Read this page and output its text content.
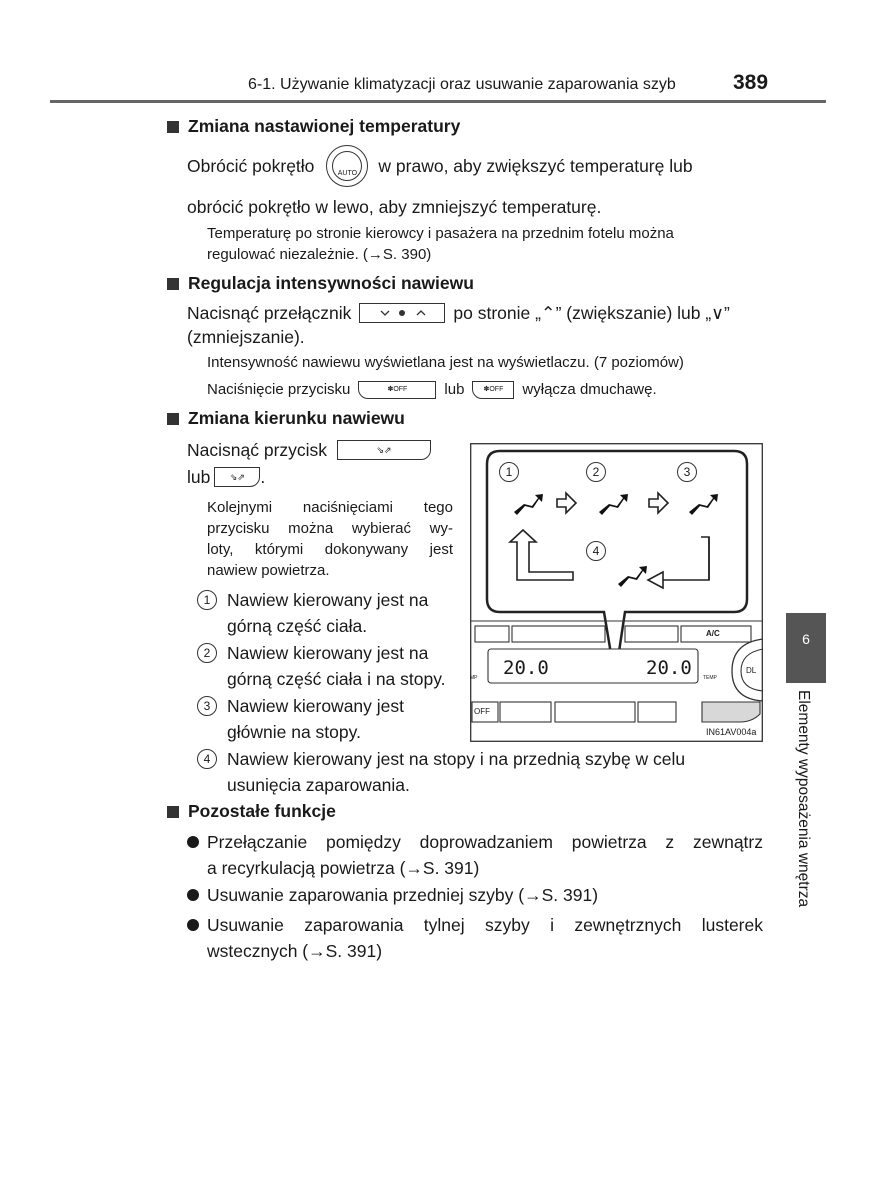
6-1. Używanie klimatyzacji oraz usuwanie zaparowania szyb	389
6
Elementy wyposażenia wnętrza
Zmiana nastawionej temperatury
Obrócić pokrętło	AUTO	w prawo, aby zwiększyć temperaturę lub
obrócić pokrętło w lewo, aby zmniejszyć temperaturę.
Temperaturę po stronie kierowcy i pasażera na przednim fotelu można
regulować niezależnie. (→S. 390)
Regulacja intensywności nawiewu
Nacisnąć przełącznik	po stronie „⌃” (zwiększanie) lub „∨”
(zmniejszanie).
Intensywność nawiewu wyświetlana jest na wyświetlaczu. (7 poziomów)
Naciśnięcie przycisku	✽ OFF lub	✽ OFF wyłącza dmuchawę.
Zmiana kierunku nawiewu
Nacisnąć przycisk	⇘⇗
lub ⇘⇗ .
Kolejnymi naciśnięciami tego
przycisku można wybierać wy-
loty, którymi dokonywany jest
nawiew powietrza.
1 Nawiew kierowany jest na
górną część ciała.
2 Nawiew kierowany jest na
górną część ciała i na stopy.
3 Nawiew kierowany jest
głównie na stopy.
4 Nawiew kierowany jest na stopy i na przednią szybę w celu
usunięcia zaparowania.
1	2	3
4
20.0	20.0
A/C
OFF
MP	TEMP
DL
IN61AV004a
Pozostałe funkcje
Przełączanie pomiędzy doprowadzaniem powietrza z zewnątrz
a recyrkulacją powietrza (→S. 391)
Usuwanie zaparowania przedniej szyby (→S. 391)
Usuwanie zaparowania tylnej szyby i zewnętrznych lusterek
wstecznych (→S. 391)
